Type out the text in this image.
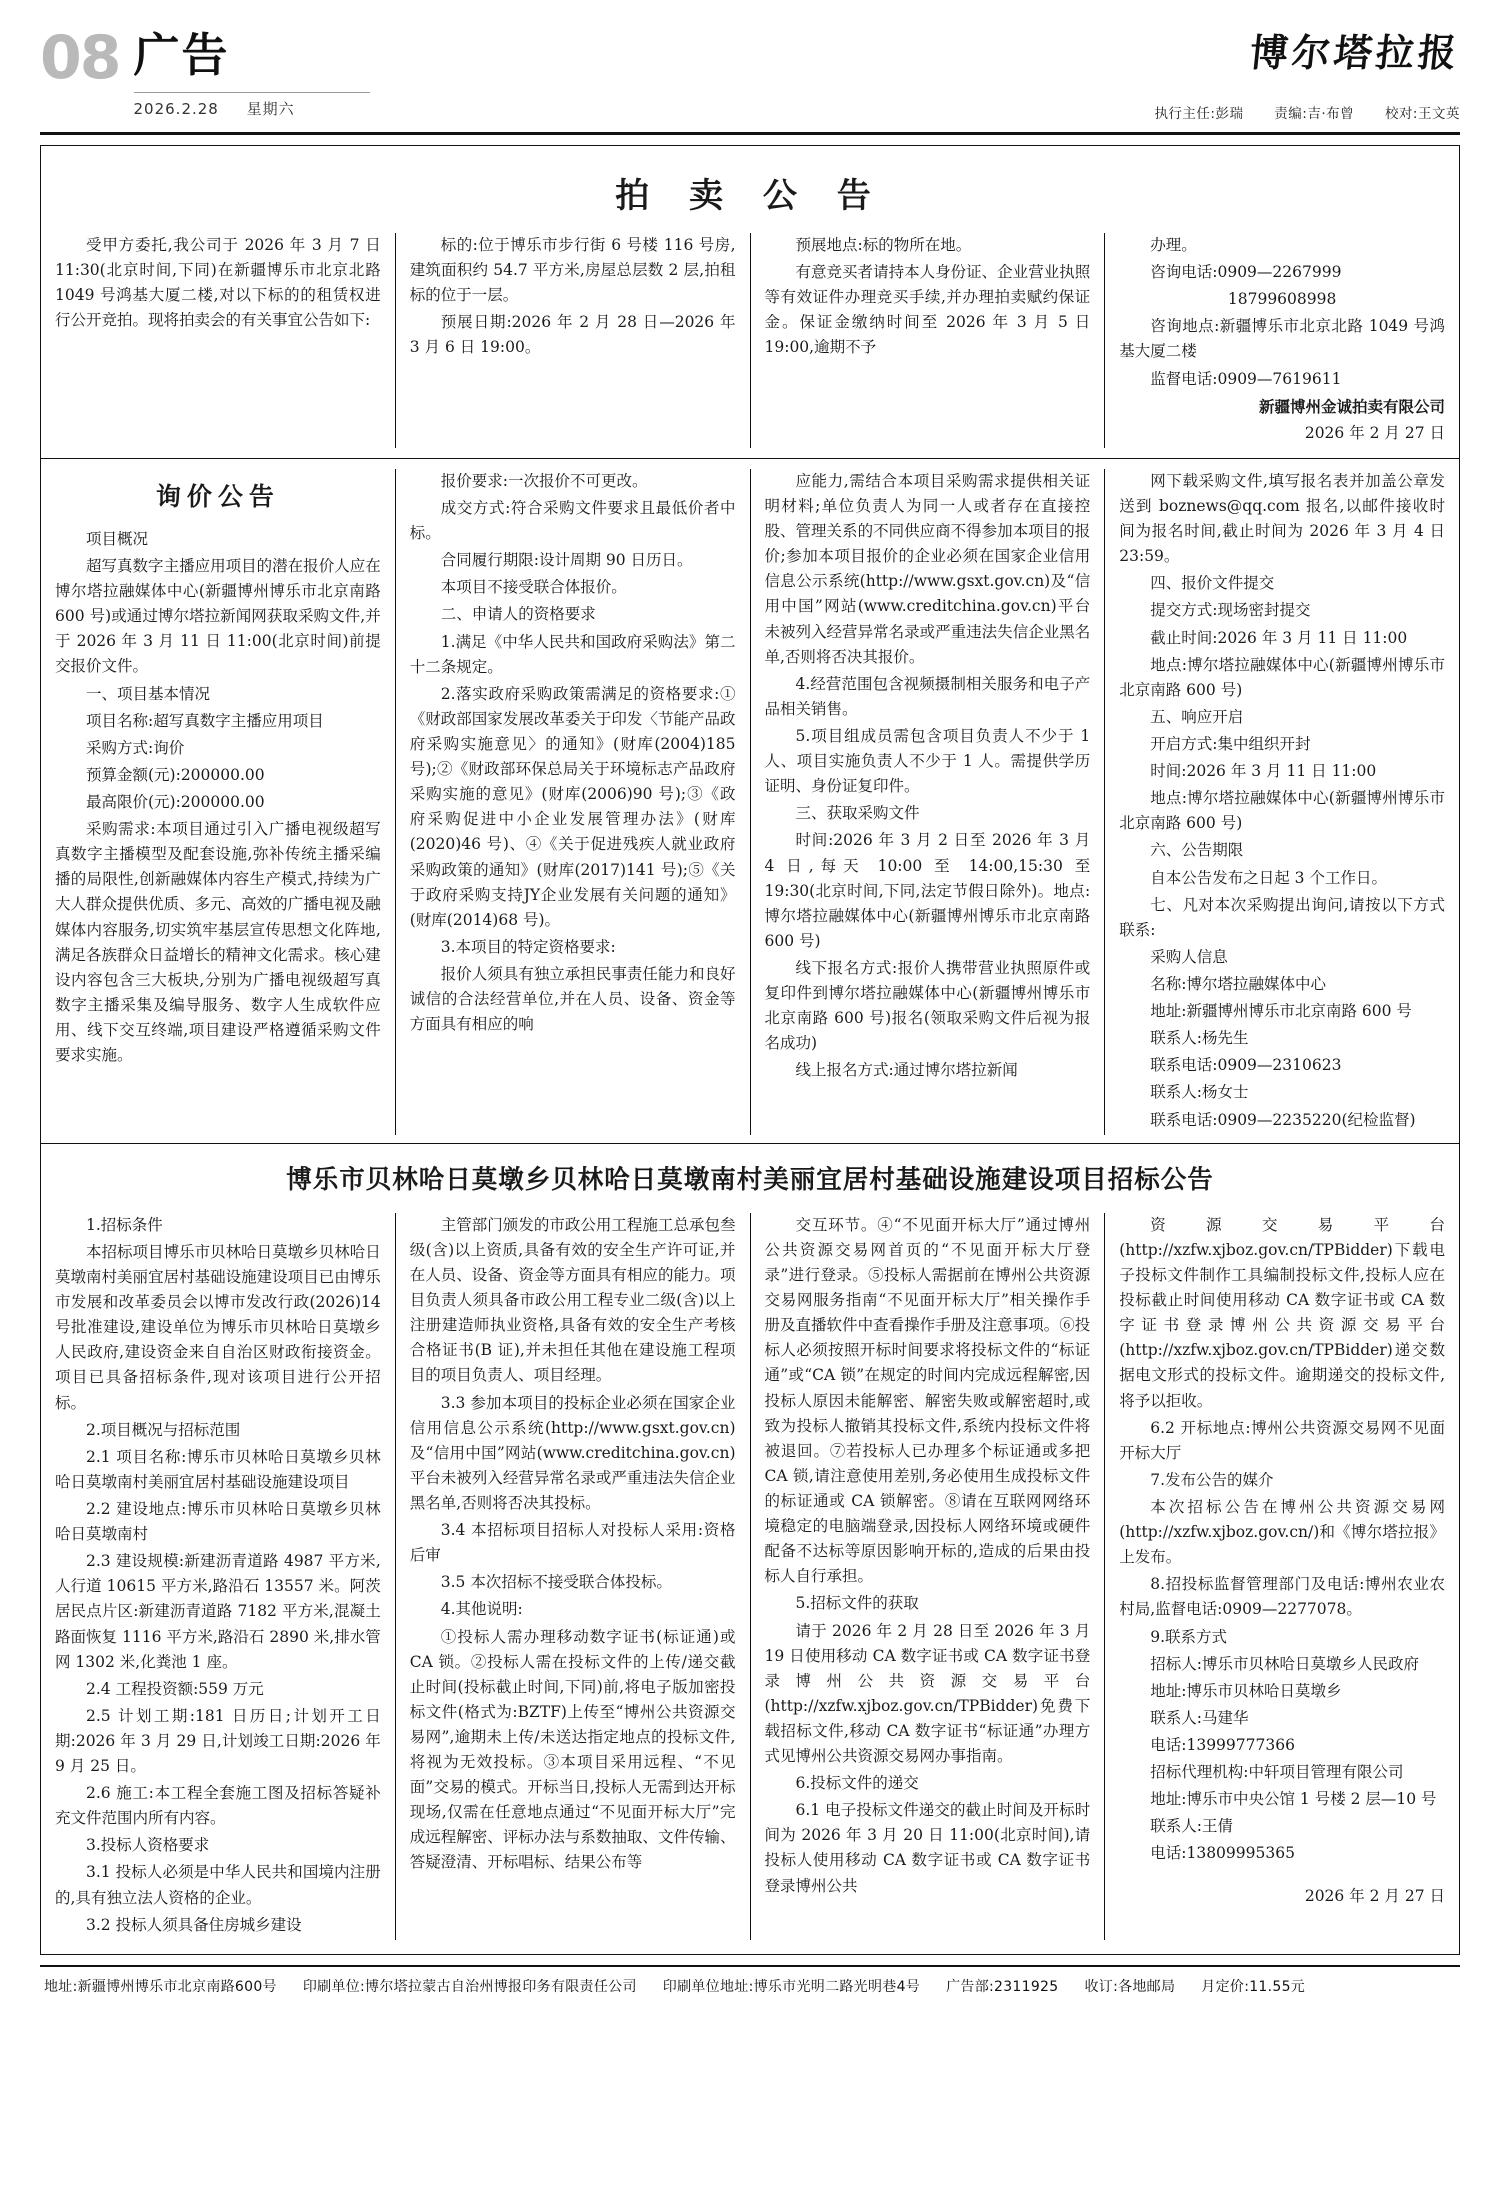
08 广告
2026.2.28 星期六
博尔塔拉报
执行主任:彭瑞 责编:吉·布曾 校对:王文英
拍 卖 公 告

受甲方委托,我公司于 2026 年 3 月 7 日 11:30(北京时间,下同)在新疆博乐市北京北路 1049 号鸿基大厦二楼,对以下标的的租赁权进行公开竞拍。现将拍卖会的有关事宜公告如下:

标的:位于博乐市步行街 6 号楼 116 号房,建筑面积约 54.7 平方米,房屋总层数 2 层,拍租标的位于一层。

预展日期:2026 年 2 月 28 日—2026 年 3 月 6 日 19:00。

预展地点:标的物所在地。

有意竞买者请持本人身份证、企业营业执照等有效证件办理竞买手续,并办理拍卖赋约保证金。保证金缴纳时间至 2026 年 3 月 5 日 19:00,逾期不予

办理。

咨询电话:0909—2267999

18799608998

咨询地点:新疆博乐市北京北路 1049 号鸿基大厦二楼

监督电话:0909—7619611

新疆博州金诚拍卖有限公司

2026 年 2 月 27 日

询价公告

项目概况

超写真数字主播应用项目的潜在报价人应在博尔塔拉融媒体中心(新疆博州博乐市北京南路 600 号)或通过博尔塔拉新闻网获取采购文件,并于 2026 年 3 月 11 日 11:00(北京时间)前提交报价文件。

一、项目基本情况

项目名称:超写真数字主播应用项目

采购方式:询价

预算金额(元):200000.00

最高限价(元):200000.00

采购需求:本项目通过引入广播电视级超写真数字主播模型及配套设施,弥补传统主播采编播的局限性,创新融媒体内容生产模式,持续为广大人群众提供优质、多元、高效的广播电视及融媒体内容服务,切实筑牢基层宣传思想文化阵地,满足各族群众日益增长的精神文化需求。核心建设内容包含三大板块,分别为广播电视级超写真数字主播采集及编导服务、数字人生成软件应用、线下交互终端,项目建设严格遵循采购文件要求实施。

报价要求:一次报价不可更改。

成交方式:符合采购文件要求且最低价者中标。

合同履行期限:设计周期 90 日历日。

本项目不接受联合体报价。

二、申请人的资格要求

1.满足《中华人民共和国政府采购法》第二十二条规定。

2.落实政府采购政策需满足的资格要求:①《财政部国家发展改革委关于印发〈节能产品政府采购实施意见〉的通知》(财库(2004)185 号);②《财政部环保总局关于环境标志产品政府采购实施的意见》(财库(2006)90 号);③《政府采购促进中小企业发展管理办法》(财库(2020)46 号)、④《关于促进残疾人就业政府采购政策的通知》(财库(2017)141 号);⑤《关于政府采购支持JY企业发展有关问题的通知》(财库(2014)68 号)。

3.本项目的特定资格要求:

报价人须具有独立承担民事责任能力和良好诚信的合法经营单位,并在人员、设备、资金等方面具有相应的响

应能力,需结合本项目采购需求提供相关证明材料;单位负责人为同一人或者存在直接控股、管理关系的不同供应商不得参加本项目的报价;参加本项目报价的企业必须在国家企业信用信息公示系统(http://www.gsxt.gov.cn)及“信用中国”网站(www.creditchina.gov.cn)平台未被列入经营异常名录或严重违法失信企业黑名单,否则将否决其报价。

4.经营范围包含视频摄制相关服务和电子产品相关销售。

5.项目组成员需包含项目负责人不少于 1 人、项目实施负责人不少于 1 人。需提供学历证明、身份证复印件。

三、获取采购文件

时间:2026 年 3 月 2 日至 2026 年 3 月 4 日,每天 10:00 至 14:00,15:30 至 19:30(北京时间,下同,法定节假日除外)。地点:博尔塔拉融媒体中心(新疆博州博乐市北京南路 600 号)

线下报名方式:报价人携带营业执照原件或复印件到博尔塔拉融媒体中心(新疆博州博乐市北京南路 600 号)报名(领取采购文件后视为报名成功)

线上报名方式:通过博尔塔拉新闻

网下载采购文件,填写报名表并加盖公章发送到 boznews@qq.com 报名,以邮件接收时间为报名时间,截止时间为 2026 年 3 月 4 日 23:59。

四、报价文件提交

提交方式:现场密封提交

截止时间:2026 年 3 月 11 日 11:00

地点:博尔塔拉融媒体中心(新疆博州博乐市北京南路 600 号)

五、响应开启

开启方式:集中组织开封

时间:2026 年 3 月 11 日 11:00

地点:博尔塔拉融媒体中心(新疆博州博乐市北京南路 600 号)

六、公告期限

自本公告发布之日起 3 个工作日。

七、凡对本次采购提出询问,请按以下方式联系:

采购人信息

名称:博尔塔拉融媒体中心

地址:新疆博州博乐市北京南路 600 号

联系人:杨先生

联系电话:0909—2310623

联系人:杨女士

联系电话:0909—2235220(纪检监督)

博乐市贝林哈日莫墩乡贝林哈日莫墩南村美丽宜居村基础设施建设项目招标公告

1.招标条件

本招标项目博乐市贝林哈日莫墩乡贝林哈日莫墩南村美丽宜居村基础设施建设项目已由博乐市发展和改革委员会以博市发改行政(2026)14 号批准建设,建设单位为博乐市贝林哈日莫墩乡人民政府,建设资金来自自治区财政衔接资金。项目已具备招标条件,现对该项目进行公开招标。

2.项目概况与招标范围

2.1 项目名称:博乐市贝林哈日莫墩乡贝林哈日莫墩南村美丽宜居村基础设施建设项目

2.2 建设地点:博乐市贝林哈日莫墩乡贝林哈日莫墩南村

2.3 建设规模:新建沥青道路 4987 平方米,人行道 10615 平方米,路沿石 13557 米。阿茨居民点片区:新建沥青道路 7182 平方米,混凝土路面恢复 1116 平方米,路沿石 2890 米,排水管网 1302 米,化粪池 1 座。

2.4 工程投资额:559 万元

2.5 计划工期:181 日历日;计划开工日期:2026 年 3 月 29 日,计划竣工日期:2026 年 9 月 25 日。

2.6 施工:本工程全套施工图及招标答疑补充文件范围内所有内容。

3.投标人资格要求

3.1 投标人必须是中华人民共和国境内注册的,具有独立法人资格的企业。

3.2 投标人须具备住房城乡建设

主管部门颁发的市政公用工程施工总承包叁级(含)以上资质,具备有效的安全生产许可证,并在人员、设备、资金等方面具有相应的能力。项目负责人须具备市政公用工程专业二级(含)以上注册建造师执业资格,具备有效的安全生产考核合格证书(B 证),并未担任其他在建设施工程项目的项目负责人、项目经理。

3.3 参加本项目的投标企业必须在国家企业信用信息公示系统(http://www.gsxt.gov.cn)及“信用中国”网站(www.creditchina.gov.cn)平台未被列入经营异常名录或严重违法失信企业黑名单,否则将否决其投标。

3.4 本招标项目招标人对投标人采用:资格后审

3.5 本次招标不接受联合体投标。

4.其他说明:

①投标人需办理移动数字证书(标证通)或 CA 锁。②投标人需在投标文件的上传/递交截止时间(投标截止时间,下同)前,将电子版加密投标文件(格式为:BZTF)上传至“博州公共资源交易网”,逾期未上传/未送达指定地点的投标文件,将视为无效投标。③本项目采用远程、“不见面”交易的模式。开标当日,投标人无需到达开标现场,仅需在任意地点通过“不见面开标大厅”完成远程解密、评标办法与系数抽取、文件传输、答疑澄清、开标唱标、结果公布等

交互环节。④“不见面开标大厅”通过博州公共资源交易网首页的“不见面开标大厅登录”进行登录。⑤投标人需据前在博州公共资源交易网服务指南“不见面开标大厅”相关操作手册及直播软件中查看操作手册及注意事项。⑥投标人必须按照开标时间要求将投标文件的“标证通”或“CA 锁”在规定的时间内完成远程解密,因投标人原因未能解密、解密失败或解密超时,或致为投标人撤销其投标文件,系统内投标文件将被退回。⑦若投标人已办理多个标证通或多把 CA 锁,请注意使用差别,务必使用生成投标文件的标证通或 CA 锁解密。⑧请在互联网网络环境稳定的电脑端登录,因投标人网络环境或硬件配备不达标等原因影响开标的,造成的后果由投标人自行承担。

5.招标文件的获取

请于 2026 年 2 月 28 日至 2026 年 3 月 19 日使用移动 CA 数字证书或 CA 数字证书登录博州公共资源交易平台(http://xzfw.xjboz.gov.cn/TPBidder)免费下载招标文件,移动 CA 数字证书“标证通”办理方式见博州公共资源交易网办事指南。

6.投标文件的递交

6.1 电子投标文件递交的截止时间及开标时间为 2026 年 3 月 20 日 11:00(北京时间),请投标人使用移动 CA 数字证书或 CA 数字证书登录博州公共

资源交易平台(http://xzfw.xjboz.gov.cn/TPBidder)下载电子投标文件制作工具编制投标文件,投标人应在投标截止时间使用移动 CA 数字证书或 CA 数字证书登录博州公共资源交易平台(http://xzfw.xjboz.gov.cn/TPBidder)递交数据电文形式的投标文件。逾期递交的投标文件,将予以拒收。

6.2 开标地点:博州公共资源交易网不见面开标大厅

7.发布公告的媒介

本次招标公告在博州公共资源交易网(http://xzfw.xjboz.gov.cn/)和《博尔塔拉报》上发布。

8.招投标监督管理部门及电话:博州农业农村局,监督电话:0909—2277078。

9.联系方式

招标人:博乐市贝林哈日莫墩乡人民政府

地址:博乐市贝林哈日莫墩乡

联系人:马建华

电话:13999777366

招标代理机构:中轩项目管理有限公司

地址:博乐市中央公馆 1 号楼 2 层—10 号

联系人:王倩

电话:13809995365

2026 年 2 月 27 日

地址:新疆博州博乐市北京南路600号 印刷单位:博尔塔拉蒙古自治州博报印务有限责任公司 印刷单位地址:博乐市光明二路光明巷4号 广告部:2311925 收订:各地邮局 月定价:11.55元
